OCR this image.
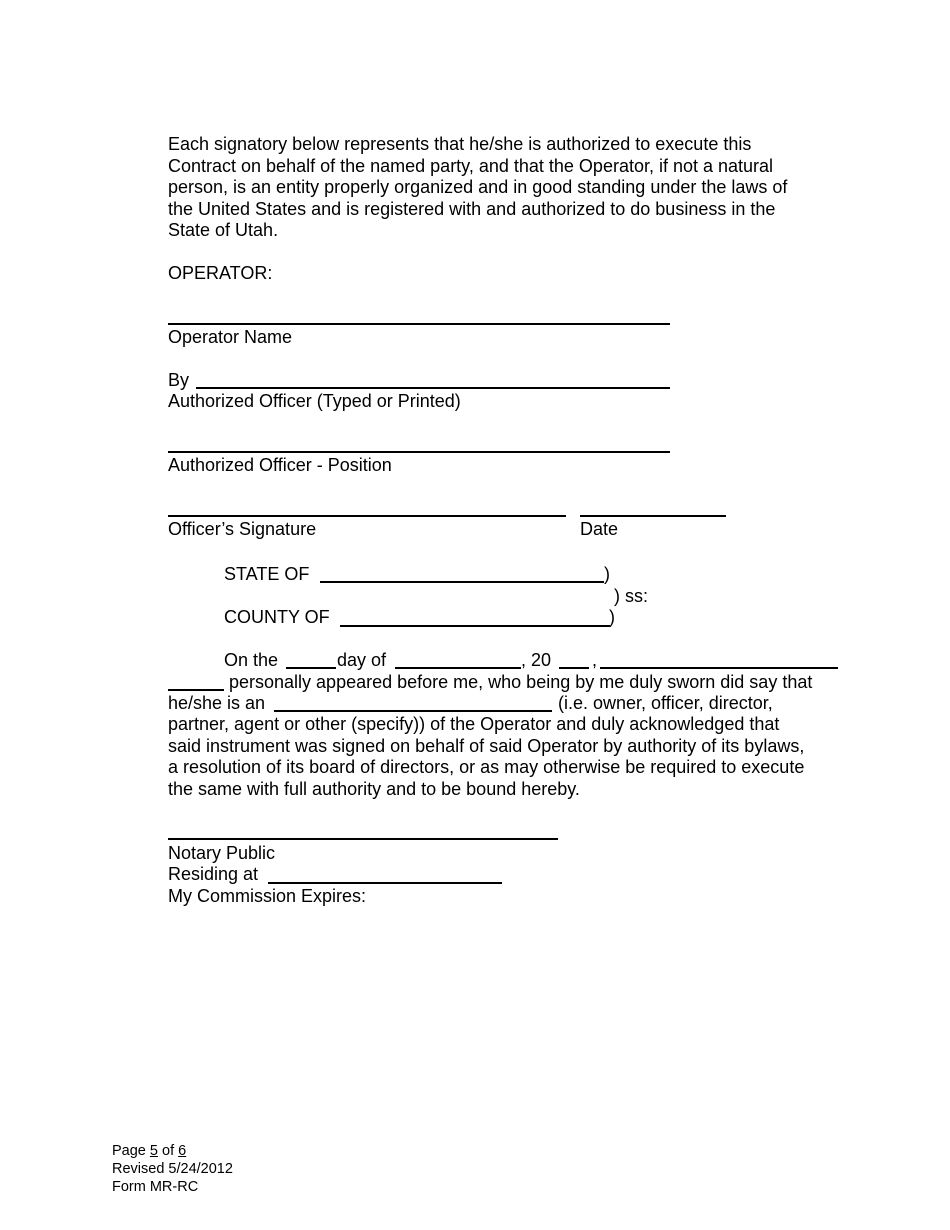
Each signatory below represents that he/she is authorized to execute this
Contract on behalf of the named party, and that the Operator, if not a natural
person, is an entity properly organized and in good standing under the laws of
the United States and is registered with and authorized to do business in the
State of Utah.
OPERATOR:
Operator Name
By
Authorized Officer (Typed or Printed)
Authorized Officer - Position
Officer’s Signature	Date
STATE OF	)
) ss:
COUNTY OF	)
On the	day of	, 20 ,
personally appeared before me, who being by me duly sworn did say that
he/she is an	(i.e. owner, officer, director,
partner, agent or other (specify)) of the Operator and duly acknowledged that
said instrument was signed on behalf of said Operator by authority of its bylaws,
a resolution of its board of directors, or as may otherwise be required to execute
the same with full authority and to be bound hereby.
Notary Public
Residing at
My Commission Expires:
Page 5 of 6
Revised 5/24/2012
Form MR-RC
